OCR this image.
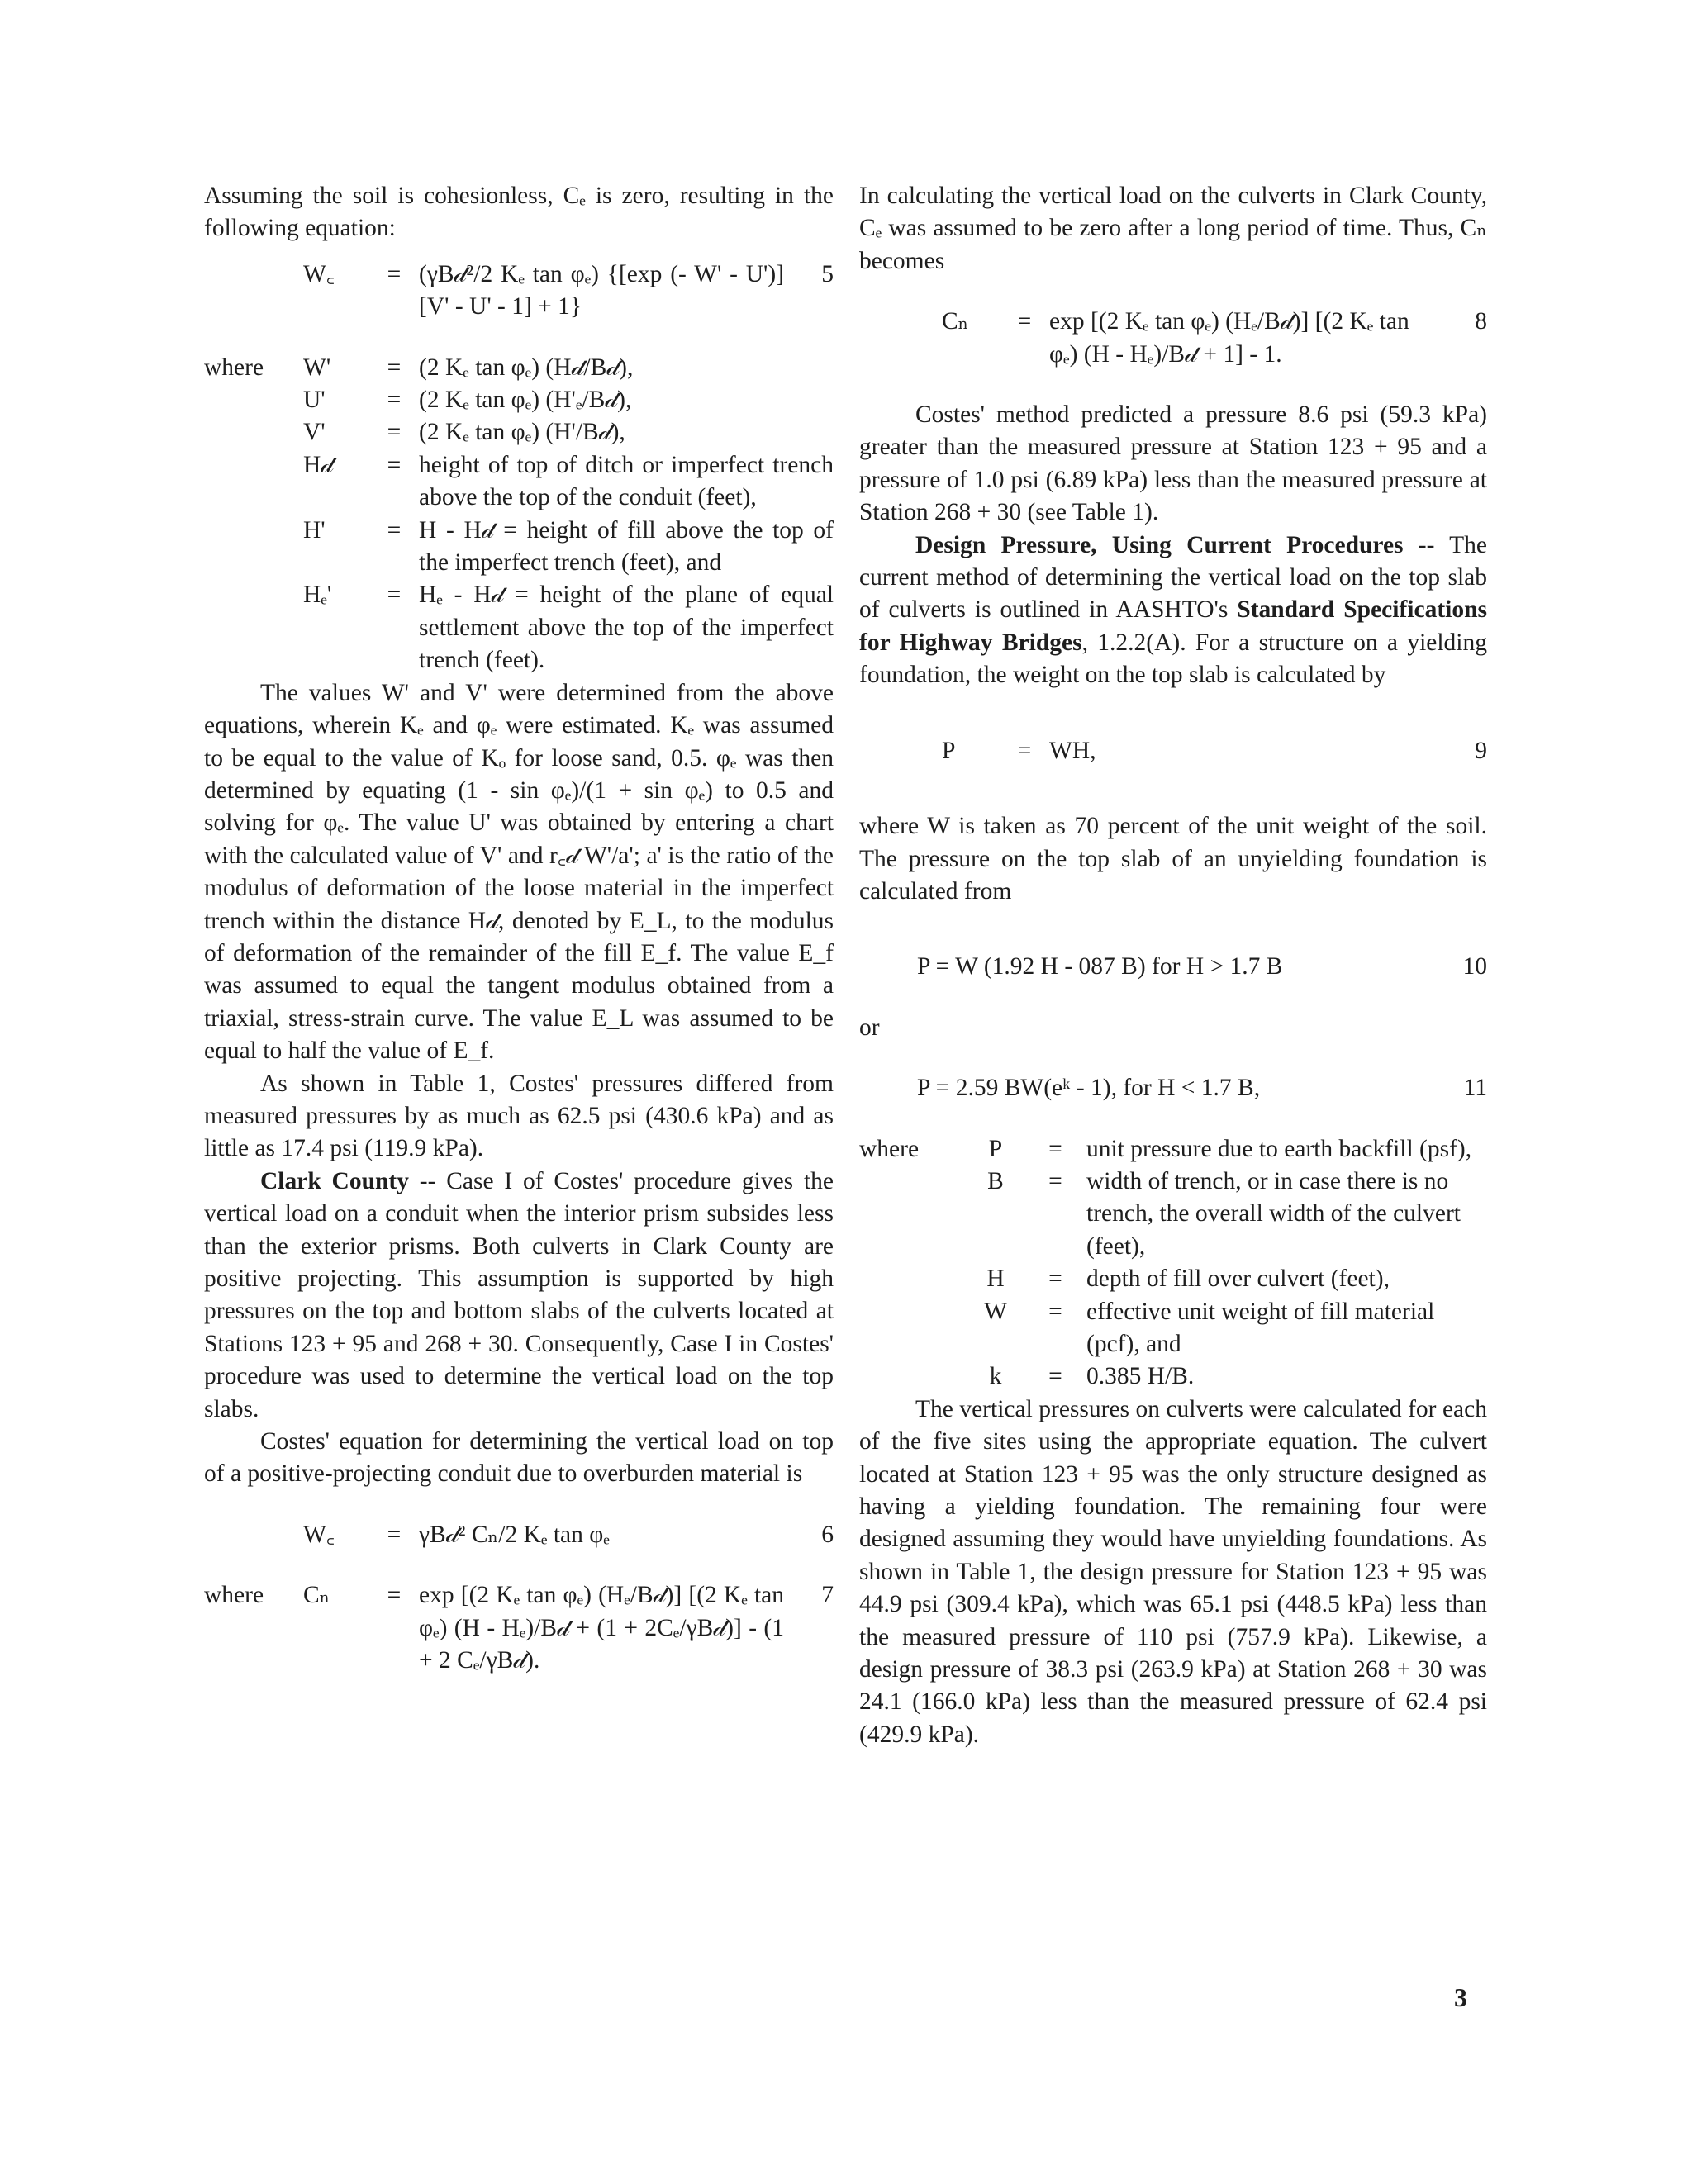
Assuming the soil is cohesionless, Cₑ is zero, resulting in the following equation:

W꜀	= (γB𝒹²/2 Kₑ tan φₑ) {[exp (- W' - U')] [V' - U' - 1] + 1}
5
where	W'	= (2 Kₑ tan φₑ) (H𝒹/B𝒹),
U'	= (2 Kₑ tan φₑ) (H'ₑ/B𝒹),
V'	= (2 Kₑ tan φₑ) (H'/B𝒹),
H𝒹	= height of top of ditch or imperfect trench above the top of the conduit (feet),
H'	= H - H𝒹 = height of fill above the top of the imperfect trench (feet), and
Hₑ'	= Hₑ - H𝒹 = height of the plane of equal settlement above the top of the imperfect trench (feet).

The values W' and V' were determined from the above equations, wherein Kₑ and φₑ were estimated. Kₑ was assumed to be equal to the value of Kₒ for loose sand, 0.5. φₑ was then determined by equating (1 - sin φₑ)/(1 + sin φₑ) to 0.5 and solving for φₑ. The value U' was obtained by entering a chart with the calculated value of V' and r꜀𝒹 W'/a'; a' is the ratio of the modulus of deformation of the loose material in the imperfect trench within the distance H𝒹, denoted by E_L, to the modulus of deformation of the remainder of the fill E_f. The value E_f was assumed to equal the tangent modulus obtained from a triaxial, stress-strain curve. The value E_L was assumed to be equal to half the value of E_f.

As shown in Table 1, Costes' pressures differed from measured pressures by as much as 62.5 psi (430.6 kPa) and as little as 17.4 psi (119.9 kPa).

Clark County -- Case I of Costes' procedure gives the vertical load on a conduit when the interior prism subsides less than the exterior prisms. Both culverts in Clark County are positive projecting. This assumption is supported by high pressures on the top and bottom slabs of the culverts located at Stations 123 + 95 and 268 + 30. Consequently, Case I in Costes' procedure was used to determine the vertical load on the top slabs.

Costes' equation for determining the vertical load on top of a positive-projecting conduit due to overburden material is

W꜀	= γB𝒹² Cₙ/2 Kₑ tan φₑ	6
where	Cₙ	= exp [(2 Kₑ tan φₑ) (Hₑ/B𝒹)] [(2 Kₑ tan φₑ) (H - Hₑ)/B𝒹 + (1 + 2Cₑ/γB𝒹)] - (1 + 2 Cₑ/γB𝒹).
7

In calculating the vertical load on the culverts in Clark County, Cₑ was assumed to be zero after a long period of time. Thus, Cₙ becomes

Cₙ	= exp [(2 Kₑ tan φₑ) (Hₑ/B𝒹)] [(2 Kₑ tan φₑ) (H - Hₑ)/B𝒹 + 1] - 1.
8

Costes' method predicted a pressure 8.6 psi (59.3 kPa) greater than the measured pressure at Station 123 + 95 and a pressure of 1.0 psi (6.89 kPa) less than the measured pressure at Station 268 + 30 (see Table 1).

Design Pressure, Using Current Procedures -- The current method of determining the vertical load on the top slab of culverts is outlined in AASHTO's Standard Specifications for Highway Bridges, 1.2.2(A). For a structure on a yielding foundation, the weight on the top slab is calculated by

P	= WH,	9

where W is taken as 70 percent of the unit weight of the soil. The pressure on the top slab of an unyielding foundation is calculated from

P = W (1.92 H - 087 B) for H > 1.7 B	10

or

P = 2.59 BW(eᵏ - 1), for H < 1.7 B,	11
where	P	= unit pressure due to earth backfill (psf),
B	= width of trench, or in case there is no trench, the overall width of the culvert (feet),
H	= depth of fill over culvert (feet),
W	= effective unit weight of fill material (pcf), and
k	= 0.385 H/B.

The vertical pressures on culverts were calculated for each of the five sites using the appropriate equation. The culvert located at Station 123 + 95 was the only structure designed as having a yielding foundation. The remaining four were designed assuming they would have unyielding foundations. As shown in Table 1, the design pressure for Station 123 + 95 was 44.9 psi (309.4 kPa), which was 65.1 psi (448.5 kPa) less than the measured pressure of 110 psi (757.9 kPa). Likewise, a design pressure of 38.3 psi (263.9 kPa) at Station 268 + 30 was 24.1 (166.0 kPa) less than the measured pressure of 62.4 psi (429.9 kPa).

3
